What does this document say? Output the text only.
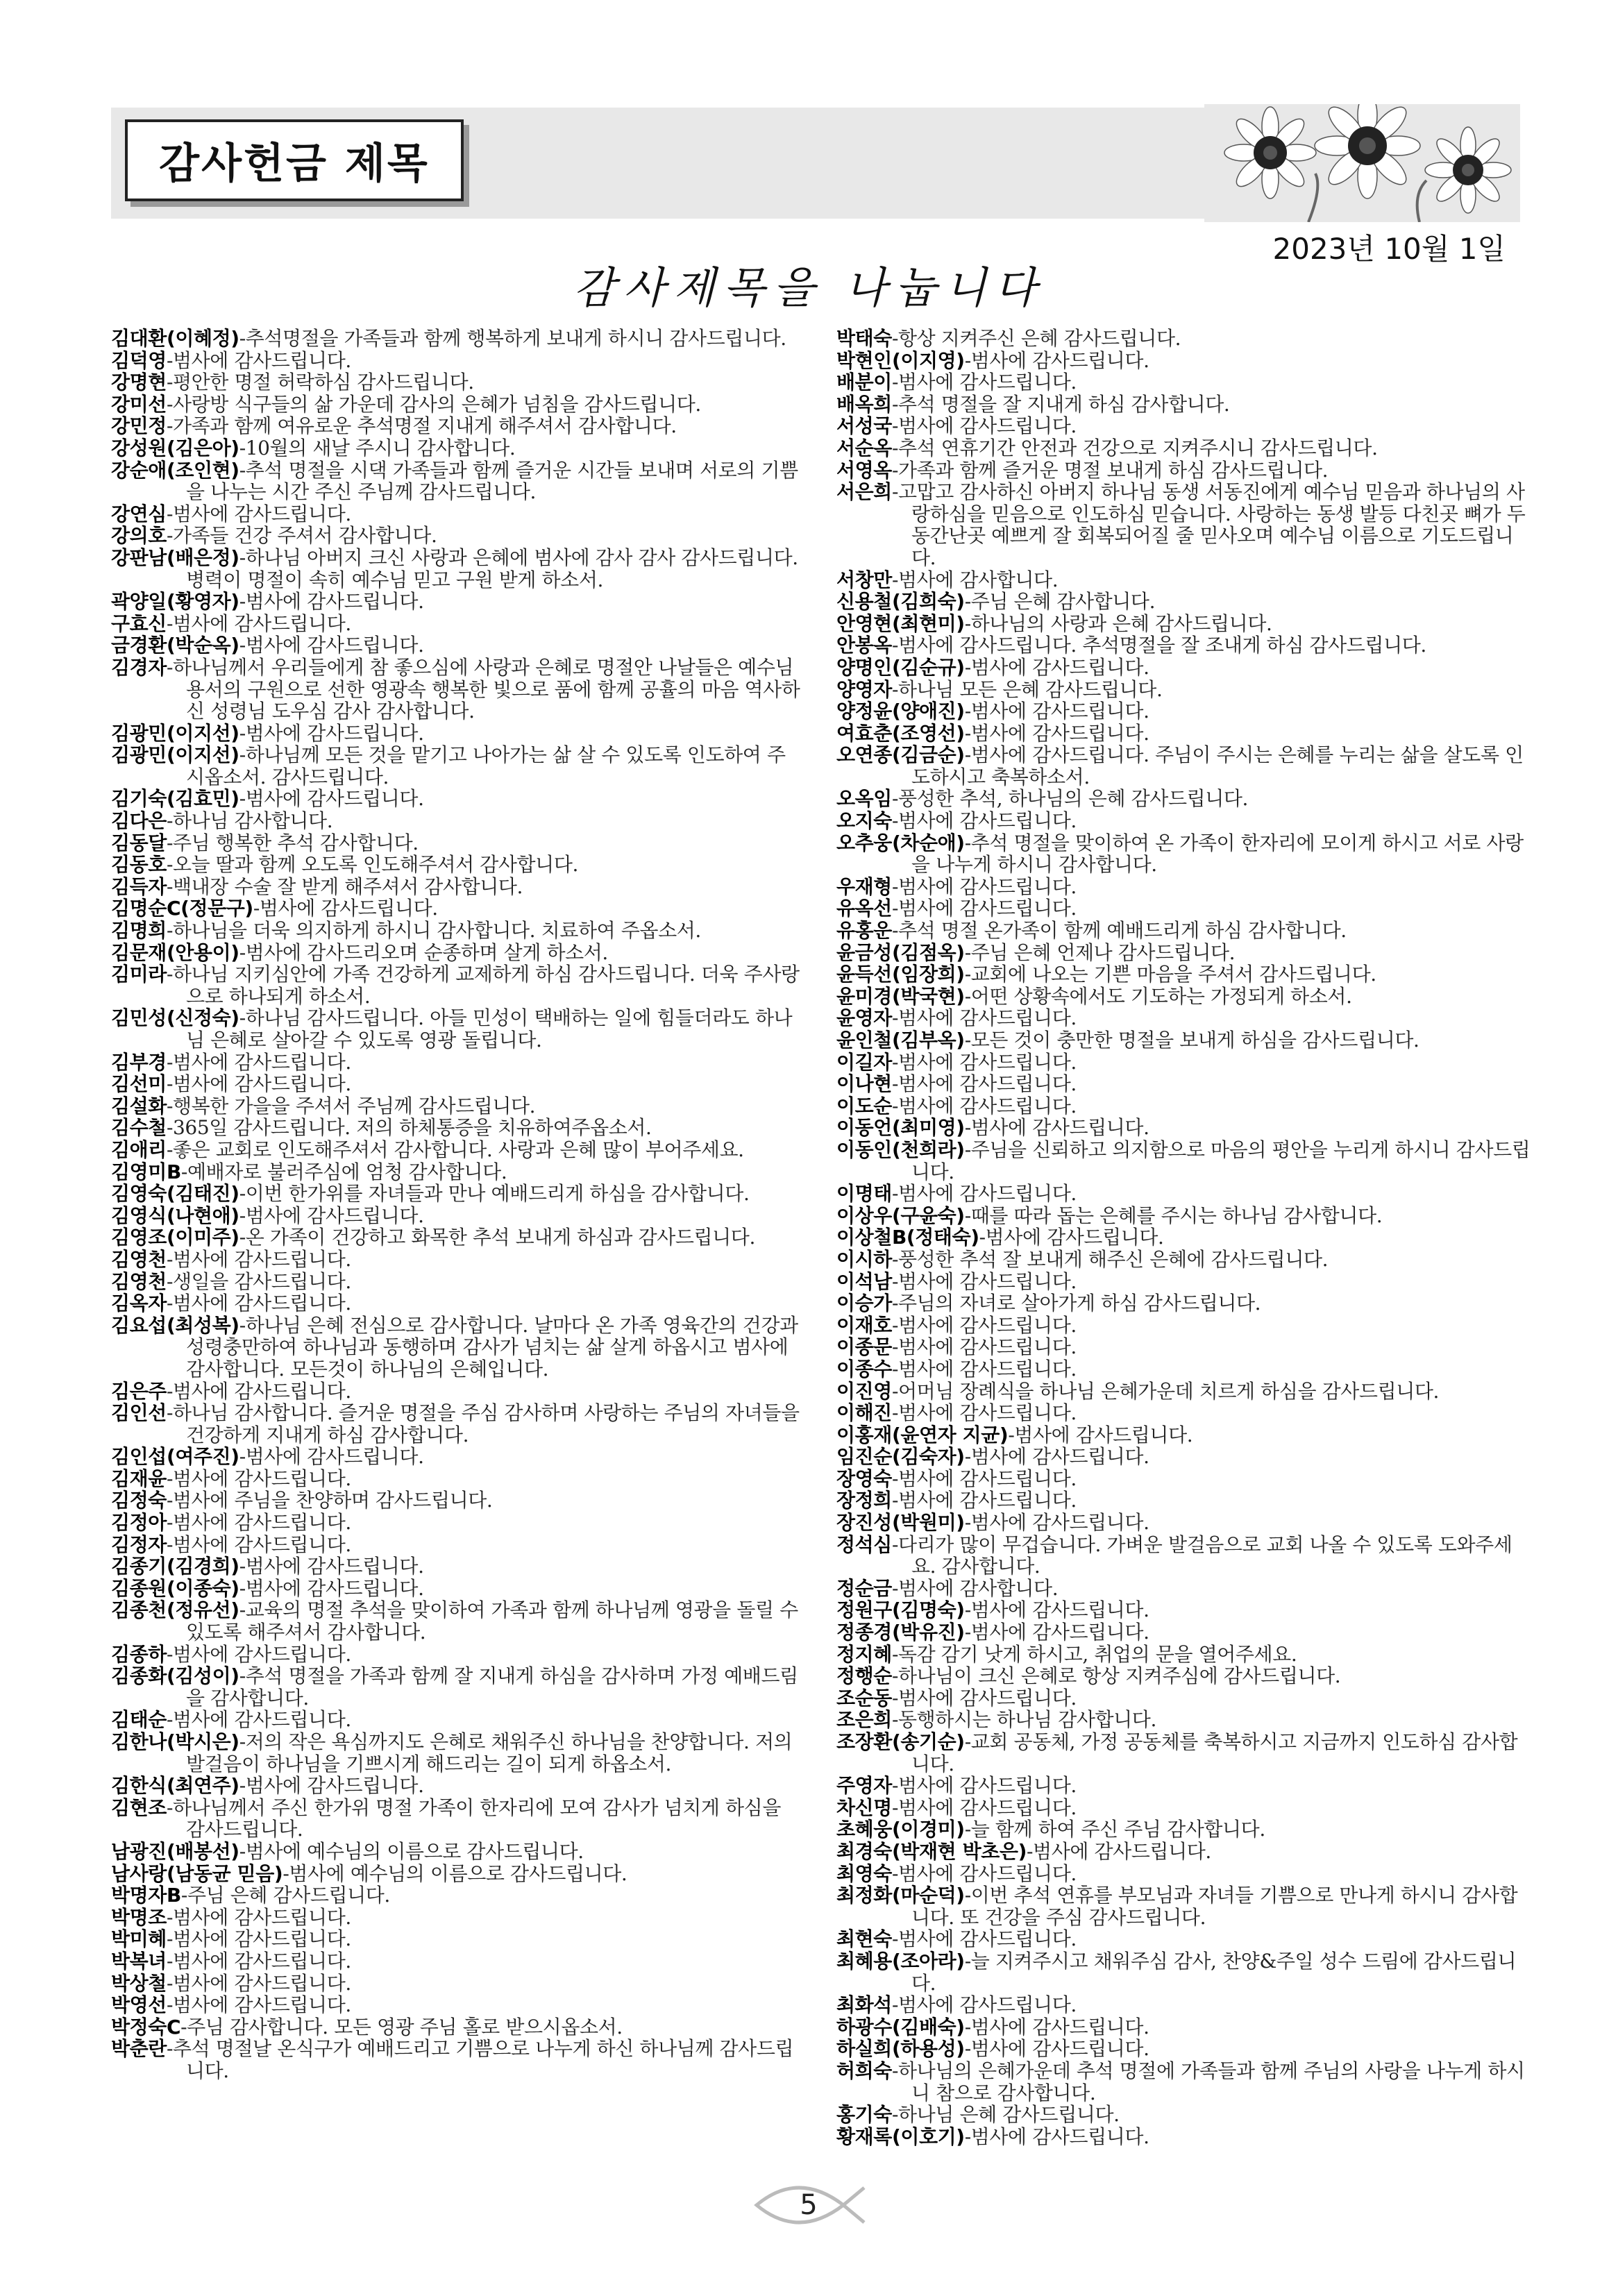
감사헌금 제목
2023년 10월 1일
감사제목을 나눕니다

김대환(이혜정)-추석명절을 가족들과 함께 행복하게 보내게 하시니 감사드립니다.

김덕영-범사에 감사드립니다.

강명현-평안한 명절 허락하심 감사드립니다.

강미선-사랑방 식구들의 삶 가운데 감사의 은혜가 넘침을 감사드립니다.

강민정-가족과 함께 여유로운 추석명절 지내게 해주셔서 감사합니다.

강성원(김은아)-10월의 새날 주시니 감사합니다.

강순애(조인현)-추석 명절을 시댁 가족들과 함께 즐거운 시간들 보내며 서로의 기쁨을 나누는 시간 주신 주님께 감사드립니다.

강연심-범사에 감사드립니다.

강의호-가족들 건강 주셔서 감사합니다.

강판남(배은정)-하나님 아버지 크신 사랑과 은혜에 범사에 감사 감사 감사드립니다. 병력이 명절이 속히 예수님 믿고 구원 받게 하소서.

곽양일(황영자)-범사에 감사드립니다.

구효신-범사에 감사드립니다.

금경환(박순옥)-범사에 감사드립니다.

김경자-하나님께서 우리들에게 참 좋으심에 사랑과 은혜로 명절안 나날들은 예수님 용서의 구원으로 선한 영광속 행복한 빛으로 품에 함께 공휼의 마음 역사하신 성령님 도우심 감사 감사합니다.

김광민(이지선)-범사에 감사드립니다.

김광민(이지선)-하나님께 모든 것을 맡기고 나아가는 삶 살 수 있도록 인도하여 주시옵소서. 감사드립니다.

김기숙(김효민)-범사에 감사드립니다.

김다은-하나님 감사합니다.

김동달-주님 행복한 추석 감사합니다.

김동호-오늘 딸과 함께 오도록 인도해주셔서 감사합니다.

김득자-백내장 수술 잘 받게 해주셔서 감사합니다.

김명순C(정문구)-범사에 감사드립니다.

김명희-하나님을 더욱 의지하게 하시니 감사합니다. 치료하여 주옵소서.

김문재(안용이)-범사에 감사드리오며 순종하며 살게 하소서.

김미라-하나님 지키심안에 가족 건강하게 교제하게 하심 감사드립니다. 더욱 주사랑으로 하나되게 하소서.

김민성(신정숙)-하나님 감사드립니다. 아들 민성이 택배하는 일에 힘들더라도 하나님 은혜로 살아갈 수 있도록 영광 돌립니다.

김부경-범사에 감사드립니다.

김선미-범사에 감사드립니다.

김설화-행복한 가을을 주셔서 주님께 감사드립니다.

김수철-365일 감사드립니다. 저의 하체통증을 치유하여주옵소서.

김애리-좋은 교회로 인도해주셔서 감사합니다. 사랑과 은혜 많이 부어주세요.

김영미B-예배자로 불러주심에 엄청 감사합니다.

김영숙(김태진)-이번 한가위를 자녀들과 만나 예배드리게 하심을 감사합니다.

김영식(나현애)-범사에 감사드립니다.

김영조(이미주)-온 가족이 건강하고 화목한 추석 보내게 하심과 감사드립니다.

김영천-범사에 감사드립니다.

김영천-생일을 감사드립니다.

김옥자-범사에 감사드립니다.

김요섭(최성복)-하나님 은혜 전심으로 감사합니다. 날마다 온 가족 영육간의 건강과 성령충만하여 하나님과 동행하며 감사가 넘치는 삶 살게 하옵시고 범사에 감사합니다. 모든것이 하나님의 은혜입니다.

김은주-범사에 감사드립니다.

김인선-하나님 감사합니다. 즐거운 명절을 주심 감사하며 사랑하는 주님의 자녀들을 건강하게 지내게 하심 감사합니다.

김인섭(여주진)-범사에 감사드립니다.

김재윤-범사에 감사드립니다.

김정숙-범사에 주님을 찬양하며 감사드립니다.

김정아-범사에 감사드립니다.

김정자-범사에 감사드립니다.

김종기(김경희)-범사에 감사드립니다.

김종원(이종숙)-범사에 감사드립니다.

김종천(정유선)-교육의 명절 추석을 맞이하여 가족과 함께 하나님께 영광을 돌릴 수 있도록 해주셔서 감사합니다.

김종하-범사에 감사드립니다.

김종화(김성이)-추석 명절을 가족과 함께 잘 지내게 하심을 감사하며 가정 예배드림을 감사합니다.

김태순-범사에 감사드립니다.

김한나(박시은)-저의 작은 욕심까지도 은혜로 채워주신 하나님을 찬양합니다. 저의 발걸음이 하나님을 기쁘시게 해드리는 길이 되게 하옵소서.

김한식(최연주)-범사에 감사드립니다.

김현조-하나님께서 주신 한가위 명절 가족이 한자리에 모여 감사가 넘치게 하심을 감사드립니다.

남광진(배봉선)-범사에 예수님의 이름으로 감사드립니다.

남사랑(남동균 믿음)-범사에 예수님의 이름으로 감사드립니다.

박명자B-주님 은혜 감사드립니다.

박명조-범사에 감사드립니다.

박미혜-범사에 감사드립니다.

박복녀-범사에 감사드립니다.

박상철-범사에 감사드립니다.

박영선-범사에 감사드립니다.

박정숙C-주님 감사합니다. 모든 영광 주님 홀로 받으시옵소서.

박춘란-추석 명절날 온식구가 예배드리고 기쁨으로 나누게 하신 하나님께 감사드립니다.

박태숙-항상 지켜주신 은혜 감사드립니다.

박현인(이지영)-범사에 감사드립니다.

배분이-범사에 감사드립니다.

배옥희-추석 명절을 잘 지내게 하심 감사합니다.

서성국-범사에 감사드립니다.

서순옥-추석 연휴기간 안전과 건강으로 지켜주시니 감사드립니다.

서영옥-가족과 함께 즐거운 명절 보내게 하심 감사드립니다.

서은희-고맙고 감사하신 아버지 하나님 동생 서동진에게 예수님 믿음과 하나님의 사랑하심을 믿음으로 인도하심 믿습니다. 사랑하는 동생 발등 다친곳 뼈가 두동간난곳 예쁘게 잘 회복되어질 줄 믿사오며 예수님 이름으로 기도드립니다.

서창만-범사에 감사합니다.

신용철(김희숙)-주님 은혜 감사합니다.

안영현(최현미)-하나님의 사랑과 은혜 감사드립니다.

안봉옥-범사에 감사드립니다. 추석명절을 잘 조내게 하심 감사드립니다.

양명인(김순규)-범사에 감사드립니다.

양영자-하나님 모든 은혜 감사드립니다.

양정윤(양애진)-범사에 감사드립니다.

여효춘(조영선)-범사에 감사드립니다.

오연종(김금순)-범사에 감사드립니다. 주님이 주시는 은혜를 누리는 삶을 살도록 인도하시고 축복하소서.

오옥임-풍성한 추석, 하나님의 은혜 감사드립니다.

오지숙-범사에 감사드립니다.

오추웅(차순애)-추석 명절을 맞이하여 온 가족이 한자리에 모이게 하시고 서로 사랑을 나누게 하시니 감사합니다.

우재형-범사에 감사드립니다.

유옥선-범사에 감사드립니다.

유홍운-추석 명절 온가족이 함께 예배드리게 하심 감사합니다.

윤금성(김점옥)-주님 은혜 언제나 감사드립니다.

윤득선(임장희)-교회에 나오는 기쁜 마음을 주셔서 감사드립니다.

윤미경(박국현)-어떤 상황속에서도 기도하는 가정되게 하소서.

윤영자-범사에 감사드립니다.

윤인철(김부옥)-모든 것이 충만한 명절을 보내게 하심을 감사드립니다.

이길자-범사에 감사드립니다.

이나현-범사에 감사드립니다.

이도순-범사에 감사드립니다.

이동언(최미영)-범사에 감사드립니다.

이동인(천희라)-주님을 신뢰하고 의지함으로 마음의 평안을 누리게 하시니 감사드립니다.

이명태-범사에 감사드립니다.

이상우(구윤숙)-때를 따라 돕는 은혜를 주시는 하나님 감사합니다.

이상철B(정태숙)-범사에 감사드립니다.

이시하-풍성한 추석 잘 보내게 해주신 은혜에 감사드립니다.

이석남-범사에 감사드립니다.

이승가-주님의 자녀로 살아가게 하심 감사드립니다.

이재호-범사에 감사드립니다.

이종문-범사에 감사드립니다.

이종수-범사에 감사드립니다.

이진영-어머님 장례식을 하나님 은혜가운데 치르게 하심을 감사드립니다.

이해진-범사에 감사드립니다.

이홍재(윤연자 지균)-범사에 감사드립니다.

임진순(김숙자)-범사에 감사드립니다.

장영숙-범사에 감사드립니다.

장정희-범사에 감사드립니다.

장진성(박원미)-범사에 감사드립니다.

정석심-다리가 많이 무겁습니다. 가벼운 발걸음으로 교회 나올 수 있도록 도와주세요. 감사합니다.

정순금-범사에 감사합니다.

정원구(김명숙)-범사에 감사드립니다.

정종경(박유진)-범사에 감사드립니다.

정지혜-독감 감기 낫게 하시고, 취업의 문을 열어주세요.

정행순-하나님이 크신 은혜로 항상 지켜주심에 감사드립니다.

조순동-범사에 감사드립니다.

조은희-동행하시는 하나님 감사합니다.

조장환(송기순)-교회 공동체, 가정 공동체를 축복하시고 지금까지 인도하심 감사합니다.

주영자-범사에 감사드립니다.

차신명-범사에 감사드립니다.

초혜웅(이경미)-늘 함께 하여 주신 주님 감사합니다.

최경숙(박재현 박초은)-범사에 감사드립니다.

최영숙-범사에 감사드립니다.

최정화(마순덕)-이번 추석 연휴를 부모님과 자녀들 기쁨으로 만나게 하시니 감사합니다. 또 건강을 주심 감사드립니다.

최현숙-범사에 감사드립니다.

최혜용(조아라)-늘 지켜주시고 채워주심 감사, 찬양&주일 성수 드림에 감사드립니다.

최화석-범사에 감사드립니다.

하광수(김배숙)-범사에 감사드립니다.

하실희(하용성)-범사에 감사드립니다.

허희숙-하나님의 은혜가운데 추석 명절에 가족들과 함께 주님의 사랑을 나누게 하시니 참으로 감사합니다.

홍기숙-하나님 은혜 감사드립니다.

황재록(이호기)-범사에 감사드립니다.

5
